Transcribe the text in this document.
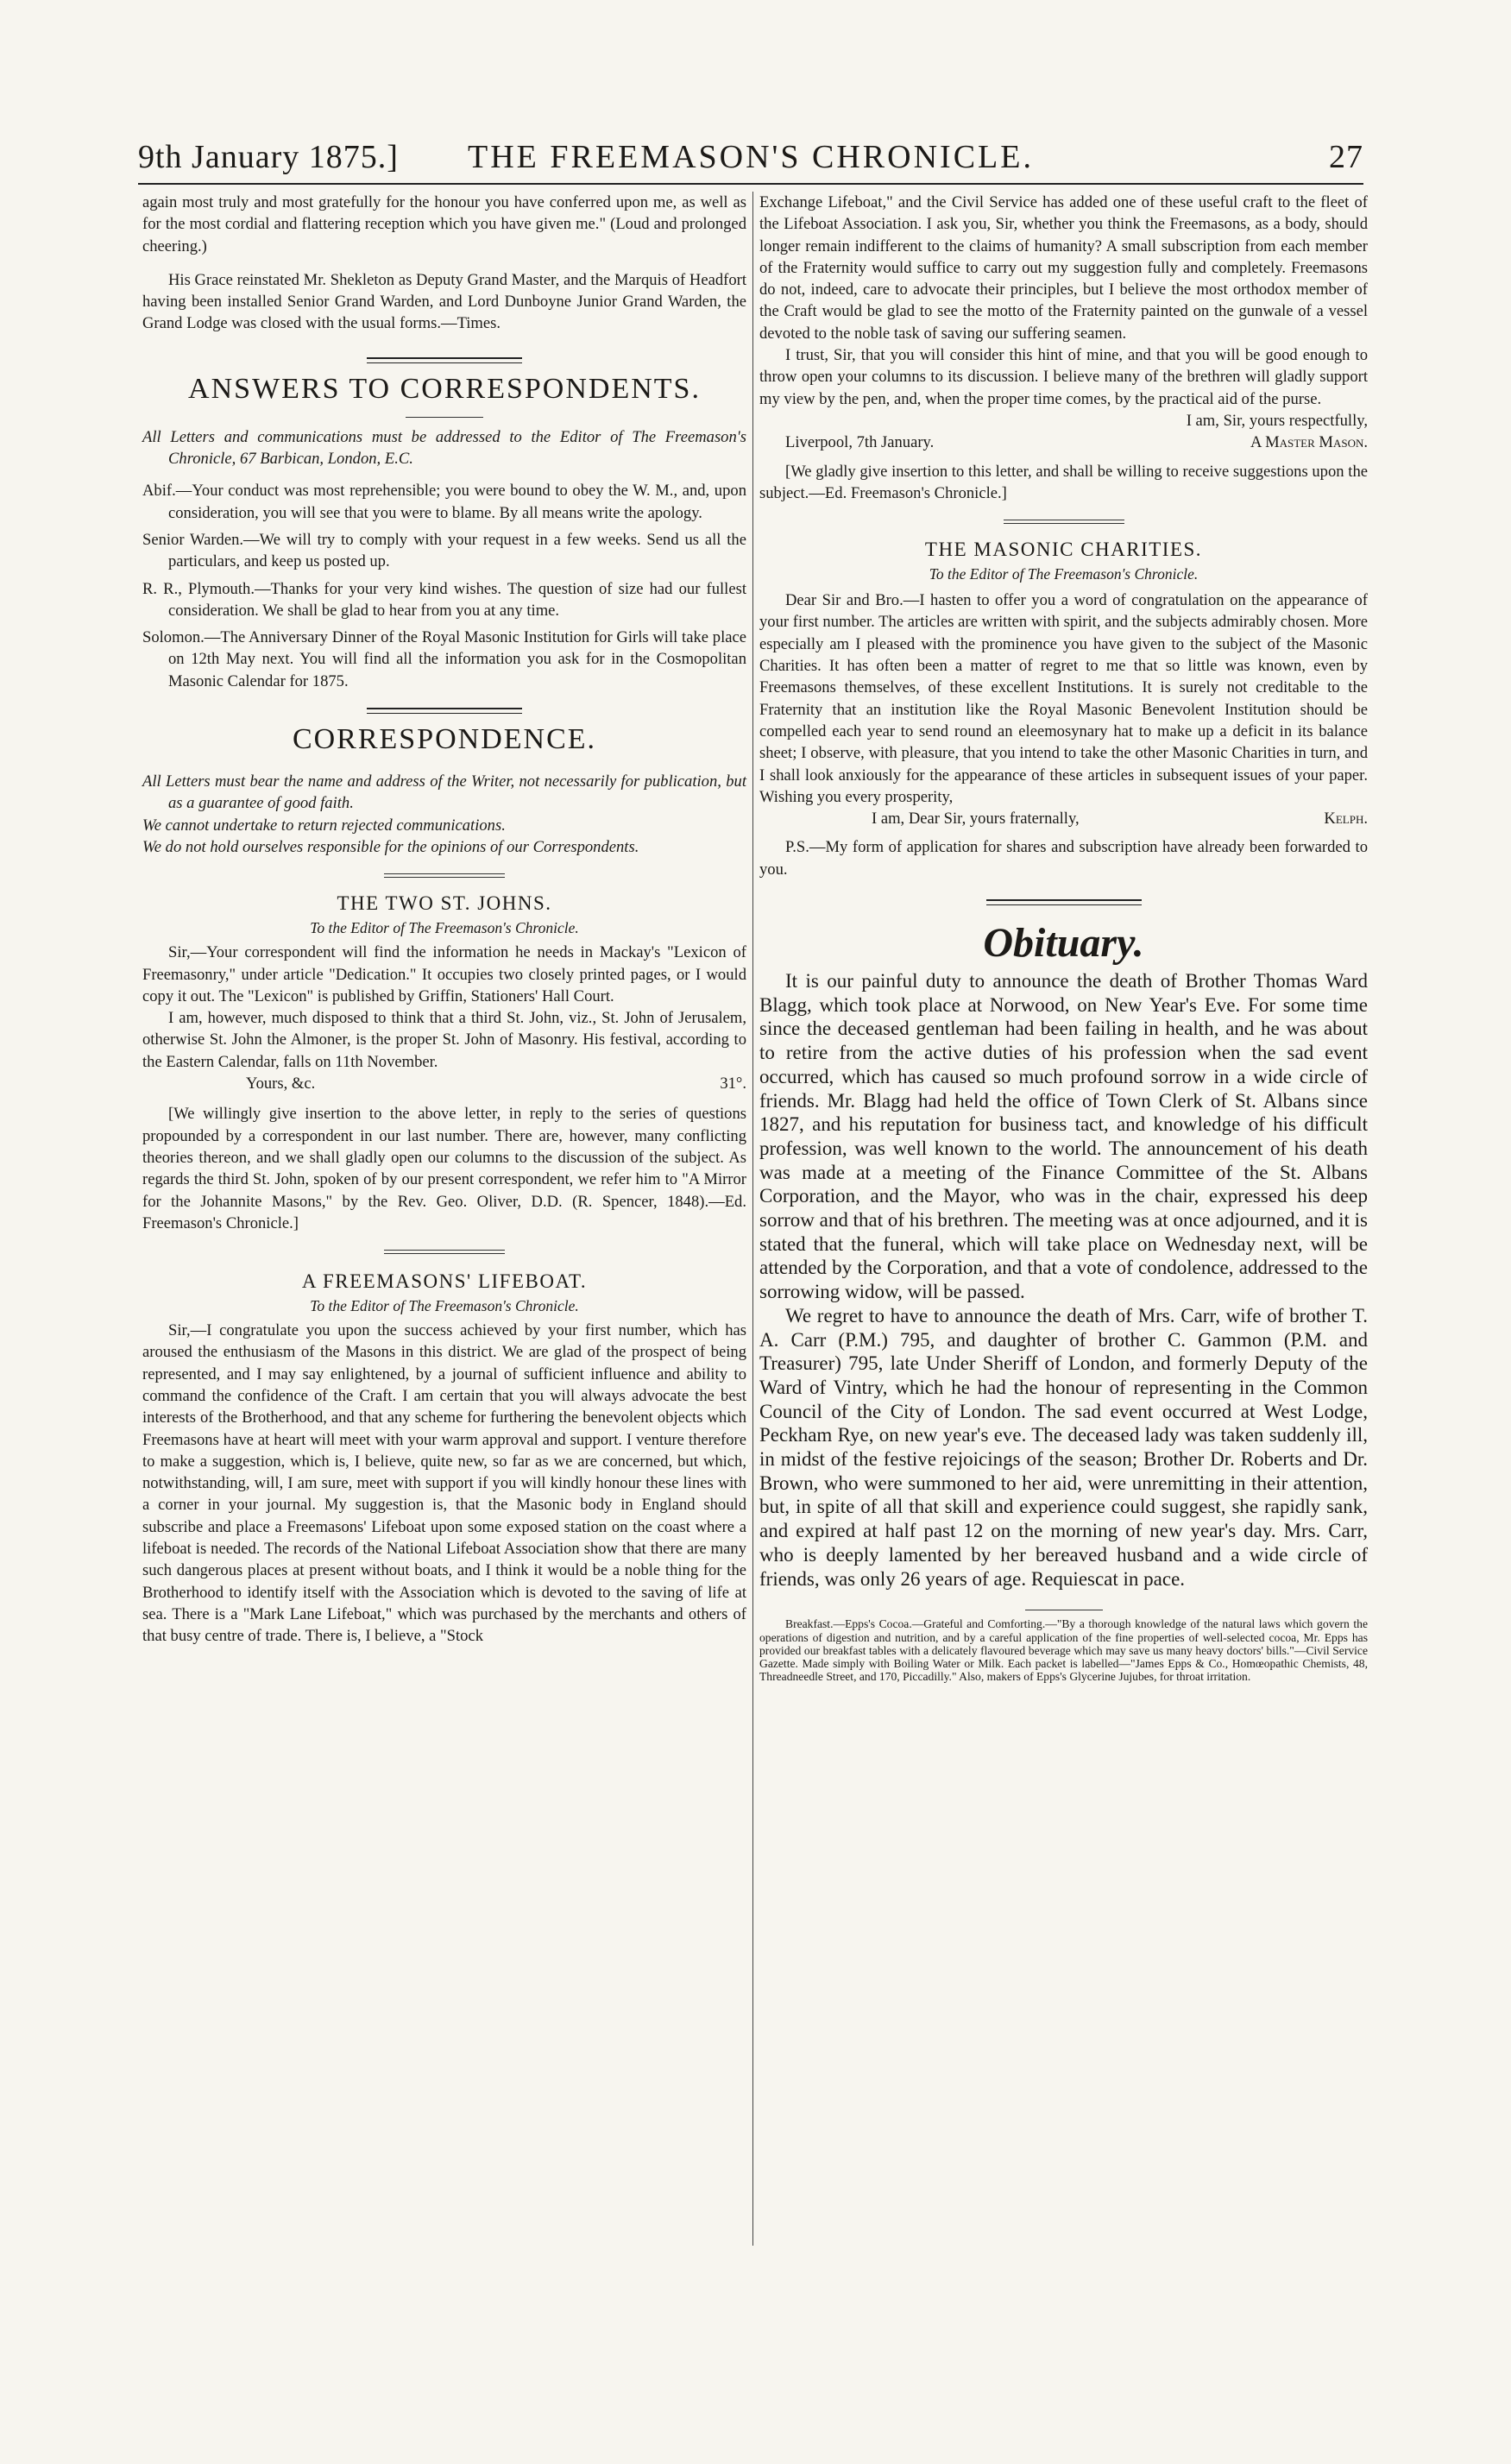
9th January 1875.]	THE FREEMASON'S CHRONICLE.	27

again most truly and most gratefully for the honour you have conferred upon me, as well as for the most cordial and flattering reception which you have given me." (Loud and prolonged cheering.)

His Grace reinstated Mr. Shekleton as Deputy Grand Master, and the Marquis of Headfort having been installed Senior Grand Warden, and Lord Dunboyne Junior Grand Warden, the Grand Lodge was closed with the usual forms.—Times.

ANSWERS TO CORRESPONDENTS.

All Letters and communications must be addressed to the Editor of The Freemason's Chronicle, 67 Barbican, London, E.C.

Abif.—Your conduct was most reprehensible; you were bound to obey the W. M., and, upon consideration, you will see that you were to blame. By all means write the apology.

Senior Warden.—We will try to comply with your request in a few weeks. Send us all the particulars, and keep us posted up.

R. R., Plymouth.—Thanks for your very kind wishes. The question of size had our fullest consideration. We shall be glad to hear from you at any time.

Solomon.—The Anniversary Dinner of the Royal Masonic Institution for Girls will take place on 12th May next. You will find all the information you ask for in the Cosmopolitan Masonic Calendar for 1875.

CORRESPONDENCE.

All Letters must bear the name and address of the Writer, not necessarily for publication, but as a guarantee of good faith.

We cannot undertake to return rejected communications.

We do not hold ourselves responsible for the opinions of our Correspondents.

THE TWO ST. JOHNS.
To the Editor of The Freemason's Chronicle.

Sir,—Your correspondent will find the information he needs in Mackay's "Lexicon of Freemasonry," under article "Dedication." It occupies two closely printed pages, or I would copy it out. The "Lexicon" is published by Griffin, Stationers' Hall Court.

I am, however, much disposed to think that a third St. John, viz., St. John of Jerusalem, otherwise St. John the Almoner, is the proper St. John of Masonry. His festival, according to the Eastern Calendar, falls on 11th November.

Yours, &c.	31°.

[We willingly give insertion to the above letter, in reply to the series of questions propounded by a correspondent in our last number. There are, however, many conflicting theories thereon, and we shall gladly open our columns to the discussion of the subject. As regards the third St. John, spoken of by our present correspondent, we refer him to "A Mirror for the Johannite Masons," by the Rev. Geo. Oliver, D.D. (R. Spencer, 1848).—Ed. Freemason's Chronicle.]

A FREEMASONS' LIFEBOAT.
To the Editor of The Freemason's Chronicle.

Sir,—I congratulate you upon the success achieved by your first number, which has aroused the enthusiasm of the Masons in this district. We are glad of the prospect of being represented, and I may say enlightened, by a journal of sufficient influence and ability to command the confidence of the Craft. I am certain that you will always advocate the best interests of the Brotherhood, and that any scheme for furthering the benevolent objects which Freemasons have at heart will meet with your warm approval and support. I venture therefore to make a suggestion, which is, I believe, quite new, so far as we are concerned, but which, notwithstanding, will, I am sure, meet with support if you will kindly honour these lines with a corner in your journal. My suggestion is, that the Masonic body in England should subscribe and place a Freemasons' Lifeboat upon some exposed station on the coast where a lifeboat is needed. The records of the National Lifeboat Association show that there are many such dangerous places at present without boats, and I think it would be a noble thing for the Brotherhood to identify itself with the Association which is devoted to the saving of life at sea. There is a "Mark Lane Lifeboat," which was purchased by the merchants and others of that busy centre of trade. There is, I believe, a "Stock

Exchange Lifeboat," and the Civil Service has added one of these useful craft to the fleet of the Lifeboat Association. I ask you, Sir, whether you think the Freemasons, as a body, should longer remain indifferent to the claims of humanity? A small subscription from each member of the Fraternity would suffice to carry out my suggestion fully and completely. Freemasons do not, indeed, care to advocate their principles, but I believe the most orthodox member of the Craft would be glad to see the motto of the Fraternity painted on the gunwale of a vessel devoted to the noble task of saving our suffering seamen.

I trust, Sir, that you will consider this hint of mine, and that you will be good enough to throw open your columns to its discussion. I believe many of the brethren will gladly support my view by the pen, and, when the proper time comes, by the practical aid of the purse.

I am, Sir, yours respectfully,

Liverpool, 7th January.	A Master Mason.

[We gladly give insertion to this letter, and shall be willing to receive suggestions upon the subject.—Ed. Freemason's Chronicle.]

THE MASONIC CHARITIES.
To the Editor of The Freemason's Chronicle.

Dear Sir and Bro.—I hasten to offer you a word of congratulation on the appearance of your first number. The articles are written with spirit, and the subjects admirably chosen. More especially am I pleased with the prominence you have given to the subject of the Masonic Charities. It has often been a matter of regret to me that so little was known, even by Freemasons themselves, of these excellent Institutions. It is surely not creditable to the Fraternity that an institution like the Royal Masonic Benevolent Institution should be compelled each year to send round an eleemosynary hat to make up a deficit in its balance sheet; I observe, with pleasure, that you intend to take the other Masonic Charities in turn, and I shall look anxiously for the appearance of these articles in subsequent issues of your paper. Wishing you every prosperity,

I am, Dear Sir, yours fraternally,	Kelph.

P.S.—My form of application for shares and subscription have already been forwarded to you.

Obituary.

It is our painful duty to announce the death of Brother Thomas Ward Blagg, which took place at Norwood, on New Year's Eve. For some time since the deceased gentleman had been failing in health, and he was about to retire from the active duties of his profession when the sad event occurred, which has caused so much profound sorrow in a wide circle of friends. Mr. Blagg had held the office of Town Clerk of St. Albans since 1827, and his reputation for business tact, and knowledge of his difficult profession, was well known to the world. The announcement of his death was made at a meeting of the Finance Committee of the St. Albans Corporation, and the Mayor, who was in the chair, expressed his deep sorrow and that of his brethren. The meeting was at once adjourned, and it is stated that the funeral, which will take place on Wednesday next, will be attended by the Corporation, and that a vote of condolence, addressed to the sorrowing widow, will be passed.

We regret to have to announce the death of Mrs. Carr, wife of brother T. A. Carr (P.M.) 795, and daughter of brother C. Gammon (P.M. and Treasurer) 795, late Under Sheriff of London, and formerly Deputy of the Ward of Vintry, which he had the honour of representing in the Common Council of the City of London. The sad event occurred at West Lodge, Peckham Rye, on new year's eve. The deceased lady was taken suddenly ill, in midst of the festive rejoicings of the season; Brother Dr. Roberts and Dr. Brown, who were summoned to her aid, were unremitting in their attention, but, in spite of all that skill and experience could suggest, she rapidly sank, and expired at half past 12 on the morning of new year's day. Mrs. Carr, who is deeply lamented by her bereaved husband and a wide circle of friends, was only 26 years of age. Requiescat in pace.

Breakfast.—Epps's Cocoa.—Grateful and Comforting.—"By a thorough knowledge of the natural laws which govern the operations of digestion and nutrition, and by a careful application of the fine properties of well-selected cocoa, Mr. Epps has provided our breakfast tables with a delicately flavoured beverage which may save us many heavy doctors' bills."—Civil Service Gazette. Made simply with Boiling Water or Milk. Each packet is labelled—"James Epps & Co., Homœopathic Chemists, 48, Threadneedle Street, and 170, Piccadilly." Also, makers of Epps's Glycerine Jujubes, for throat irritation.
